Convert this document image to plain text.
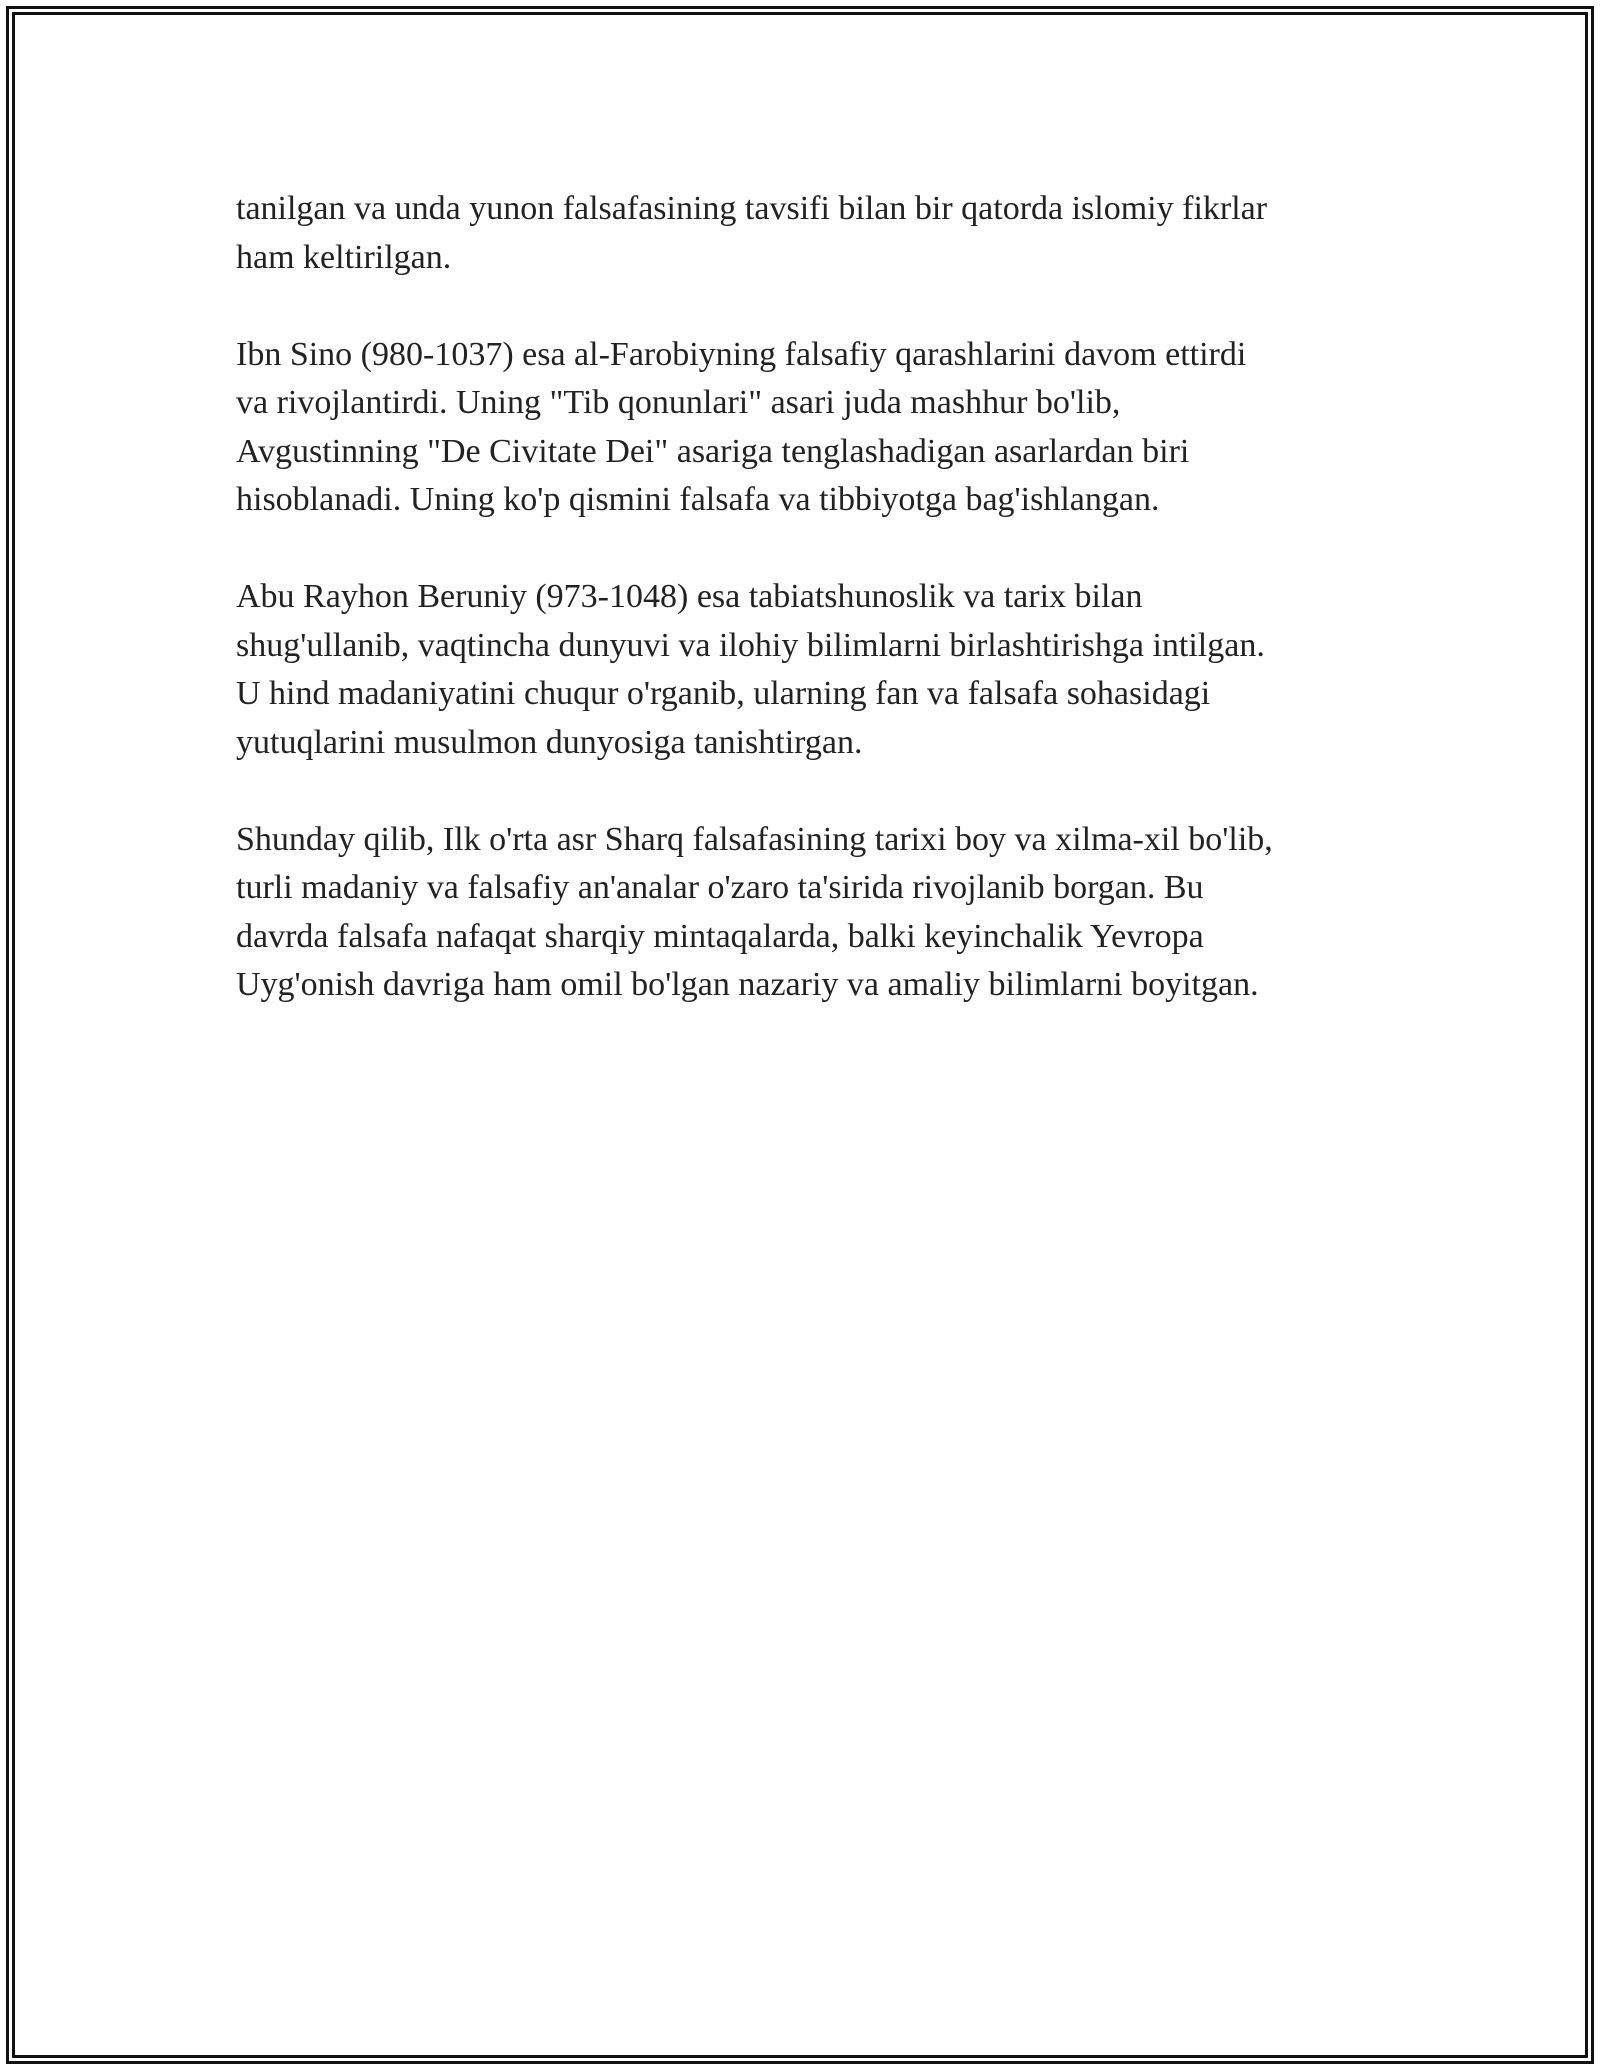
tanilgan va unda yunon falsafasining tavsifi bilan bir qatorda islomiy fikrlar
ham keltirilgan.

Ibn Sino (980-1037) esa al-Farobiyning falsafiy qarashlarini davom ettirdi
va rivojlantirdi. Uning "Tib qonunlari" asari juda mashhur bo'lib,
Avgustinning "De Civitate Dei" asariga tenglashadigan asarlardan biri
hisoblanadi. Uning ko'p qismini falsafa va tibbiyotga bag'ishlangan.

Abu Rayhon Beruniy (973-1048) esa tabiatshunoslik va tarix bilan
shug'ullanib, vaqtincha dunyuvi va ilohiy bilimlarni birlashtirishga intilgan.
U hind madaniyatini chuqur o'rganib, ularning fan va falsafa sohasidagi
yutuqlarini musulmon dunyosiga tanishtirgan.

Shunday qilib, Ilk o'rta asr Sharq falsafasining tarixi boy va xilma-xil bo'lib,
turli madaniy va falsafiy an'analar o'zaro ta'sirida rivojlanib borgan. Bu
davrda falsafa nafaqat sharqiy mintaqalarda, balki keyinchalik Yevropa
Uyg'onish davriga ham omil bo'lgan nazariy va amaliy bilimlarni boyitgan.
